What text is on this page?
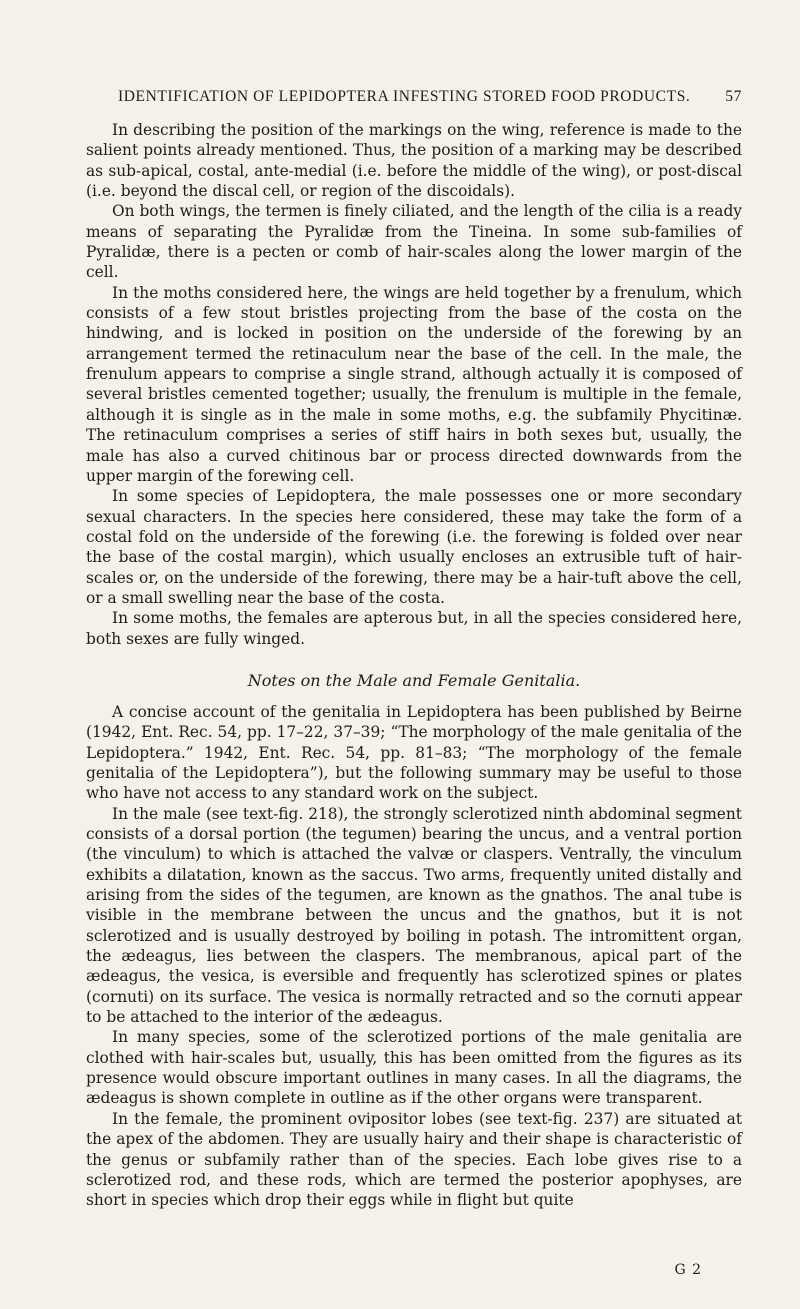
IDENTIFICATION OF LEPIDOPTERA INFESTING STORED FOOD PRODUCTS. 57

In describing the position of the markings on the wing, reference is made to the salient points already mentioned. Thus, the position of a marking may be described as sub-apical, costal, ante-medial (i.e. before the middle of the wing), or post-discal (i.e. beyond the discal cell, or region of the discoidals).

On both wings, the termen is finely ciliated, and the length of the cilia is a ready means of separating the Pyralidæ from the Tineina. In some sub-families of Pyralidæ, there is a pecten or comb of hair-scales along the lower margin of the cell.

In the moths considered here, the wings are held together by a frenulum, which consists of a few stout bristles projecting from the base of the costa on the hindwing, and is locked in position on the underside of the forewing by an arrangement termed the retinaculum near the base of the cell. In the male, the frenulum appears to comprise a single strand, although actually it is composed of several bristles cemented together; usually, the frenulum is multiple in the female, although it is single as in the male in some moths, e.g. the subfamily Phycitinæ. The retinaculum comprises a series of stiff hairs in both sexes but, usually, the male has also a curved chitinous bar or process directed downwards from the upper margin of the forewing cell.

In some species of Lepidoptera, the male possesses one or more secondary sexual characters. In the species here considered, these may take the form of a costal fold on the underside of the forewing (i.e. the forewing is folded over near the base of the costal margin), which usually encloses an extrusible tuft of hair-scales or, on the underside of the forewing, there may be a hair-tuft above the cell, or a small swelling near the base of the costa.

In some moths, the females are apterous but, in all the species considered here, both sexes are fully winged.

Notes on the Male and Female Genitalia.

A concise account of the genitalia in Lepidoptera has been published by Beirne (1942, Ent. Rec. 54, pp. 17–22, 37–39; “The morphology of the male genitalia of the Lepidoptera.” 1942, Ent. Rec. 54, pp. 81–83; “The morphology of the female genitalia of the Lepidoptera”), but the following summary may be useful to those who have not access to any standard work on the subject.

In the male (see text-fig. 218), the strongly sclerotized ninth abdominal segment consists of a dorsal portion (the tegumen) bearing the uncus, and a ventral portion (the vinculum) to which is attached the valvæ or claspers. Ventrally, the vinculum exhibits a dilatation, known as the saccus. Two arms, frequently united distally and arising from the sides of the tegumen, are known as the gnathos. The anal tube is visible in the membrane between the uncus and the gnathos, but it is not sclerotized and is usually destroyed by boiling in potash. The intromittent organ, the ædeagus, lies between the claspers. The membranous, apical part of the ædeagus, the vesica, is eversible and frequently has sclerotized spines or plates (cornuti) on its surface. The vesica is normally retracted and so the cornuti appear to be attached to the interior of the ædeagus.

In many species, some of the sclerotized portions of the male genitalia are clothed with hair-scales but, usually, this has been omitted from the figures as its presence would obscure important outlines in many cases. In all the diagrams, the ædeagus is shown complete in outline as if the other organs were transparent.

In the female, the prominent ovipositor lobes (see text-fig. 237) are situated at the apex of the abdomen. They are usually hairy and their shape is characteristic of the genus or subfamily rather than of the species. Each lobe gives rise to a sclerotized rod, and these rods, which are termed the posterior apophyses, are short in species which drop their eggs while in flight but quite

G 2
